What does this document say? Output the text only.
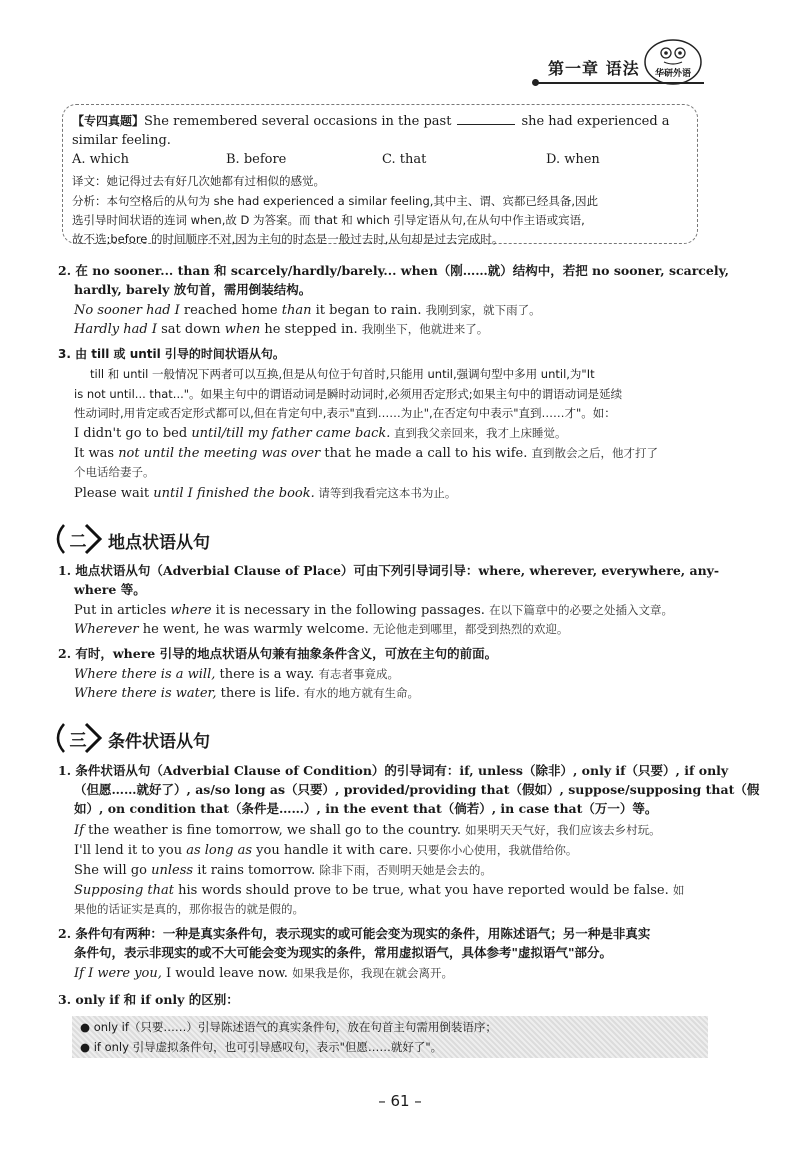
第一章 语法 华研外语
【专四真题】She remembered several occasions in the past	she had experienced a
similar feeling.
A. which	B. before	C. that	D. when
译文：她记得过去有好几次她都有过相似的感觉。
分析：本句空格后的从句为 she had experienced a similar feeling,其中主、谓、宾都已经具备,因此
选引导时间状语的连词 when,故 D 为答案。而 that 和 which 引导定语从句,在从句中作主语或宾语,
故不选;before 的时间顺序不对,因为主句的时态是一般过去时,从句却是过去完成时。
2. 在 no sooner... than 和 scarcely/hardly/barely... when（刚……就）结构中，若把 no sooner, scarcely,
hardly, barely 放句首，需用倒装结构。
No sooner had I reached home than it began to rain. 我刚到家，就下雨了。
Hardly had I sat down when he stepped in. 我刚坐下，他就进来了。
3. 由 till 或 until 引导的时间状语从句。
till 和 until 一般情况下两者可以互换,但是从句位于句首时,只能用 until,强调句型中多用 until,为"It
is not until... that..."。如果主句中的谓语动词是瞬时动词时,必须用否定形式;如果主句中的谓语动词是延续
性动词时,用肯定或否定形式都可以,但在肯定句中,表示"直到……为止",在否定句中表示"直到……才"。如：
I didn't go to bed until/till my father came back. 直到我父亲回来，我才上床睡觉。
It was not until the meeting was over that he made a call to his wife. 直到散会之后，他才打了
个电话给妻子。
Please wait until I finished the book. 请等到我看完这本书为止。
二	地点状语从句
1. 地点状语从句（Adverbial Clause of Place）可由下列引导词引导：where, wherever, everywhere, any-
where 等。
Put in articles where it is necessary in the following passages. 在以下篇章中的必要之处插入文章。
Wherever he went, he was warmly welcome. 无论他走到哪里，都受到热烈的欢迎。
2. 有时，where 引导的地点状语从句兼有抽象条件含义，可放在主句的前面。
Where there is a will, there is a way. 有志者事竟成。
Where there is water, there is life. 有水的地方就有生命。
三	条件状语从句
1. 条件状语从句（Adverbial Clause of Condition）的引导词有：if, unless（除非）, only if（只要）, if only
（但愿……就好了）, as/so long as（只要）, provided/providing that（假如）, suppose/supposing that（假
如）, on condition that（条件是……）, in the event that（倘若）, in case that（万一）等。
If the weather is fine tomorrow, we shall go to the country. 如果明天天气好，我们应该去乡村玩。
I'll lend it to you as long as you handle it with care. 只要你小心使用，我就借给你。
She will go unless it rains tomorrow. 除非下雨，否则明天她是会去的。
Supposing that his words should prove to be true, what you have reported would be false. 如
果他的话证实是真的，那你报告的就是假的。
2. 条件句有两种：一种是真实条件句，表示现实的或可能会变为现实的条件，用陈述语气；另一种是非真实
条件句，表示非现实的或不大可能会变为现实的条件，常用虚拟语气，具体参考"虚拟语气"部分。
If I were you, I would leave now. 如果我是你，我现在就会离开。
3. only if 和 if only 的区别：
● only if（只要……）引导陈述语气的真实条件句，放在句首主句需用倒装语序；
● if only 引导虚拟条件句，也可引导感叹句，表示"但愿……就好了"。
– 61 –
